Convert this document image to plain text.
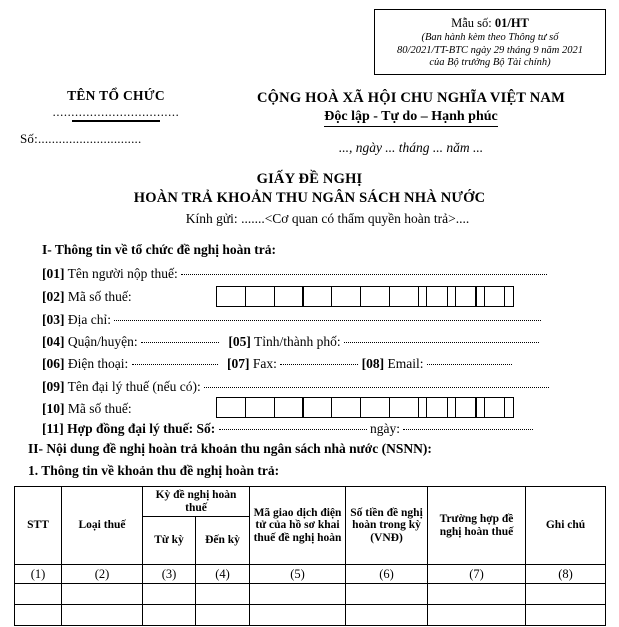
Mẫu số: 01/HT
(Ban hành kèm theo Thông tư số
80/2021/TT-BTC ngày 29 tháng 9 năm 2021
của Bộ trưởng Bộ Tài chính)
TÊN TỔ CHỨC
..................................
Số:..............................
CỘNG HOÀ XÃ HỘI CHU NGHĨA VIỆT NAM
Độc lập - Tự do – Hạnh phúc
..., ngày ... tháng ... năm ...
GIẤY ĐỀ NGHỊ
HOÀN TRẢ KHOẢN THU NGÂN SÁCH NHÀ NƯỚC
Kính gửi: .......<Cơ quan có thẩm quyền hoàn trả>....
I- Thông tin về tổ chức đề nghị hoàn trả:
[01] Tên người nộp thuế:
[02] Mã số thuế:
[03] Địa chỉ:
[04] Quận/huyện:	[05] Tỉnh/thành phố:
[06] Điện thoại:	[07] Fax:	[08] Email:
[09] Tên đại lý thuế (nếu có):
[10] Mã số thuế:
[11] Hợp đồng đại lý thuế: Số:	ngày:
II- Nội dung đề nghị hoàn trả khoản thu ngân sách nhà nước (NSNN):
1. Thông tin về khoản thu đề nghị hoàn trả:
STT	Loại thuế	Kỳ đề nghị hoàn thuế		Mã giao dịch điện tử của hồ sơ khai thuế đề nghị hoàn	Số tiền đề nghị hoàn trong kỳ (VNĐ)	Trường hợp đề nghị hoàn thuế	Ghi chú
		Từ kỳ	Đến kỳ				
(1)	(2)	(3)	(4)	(5)	(6)	(7)	(8)
